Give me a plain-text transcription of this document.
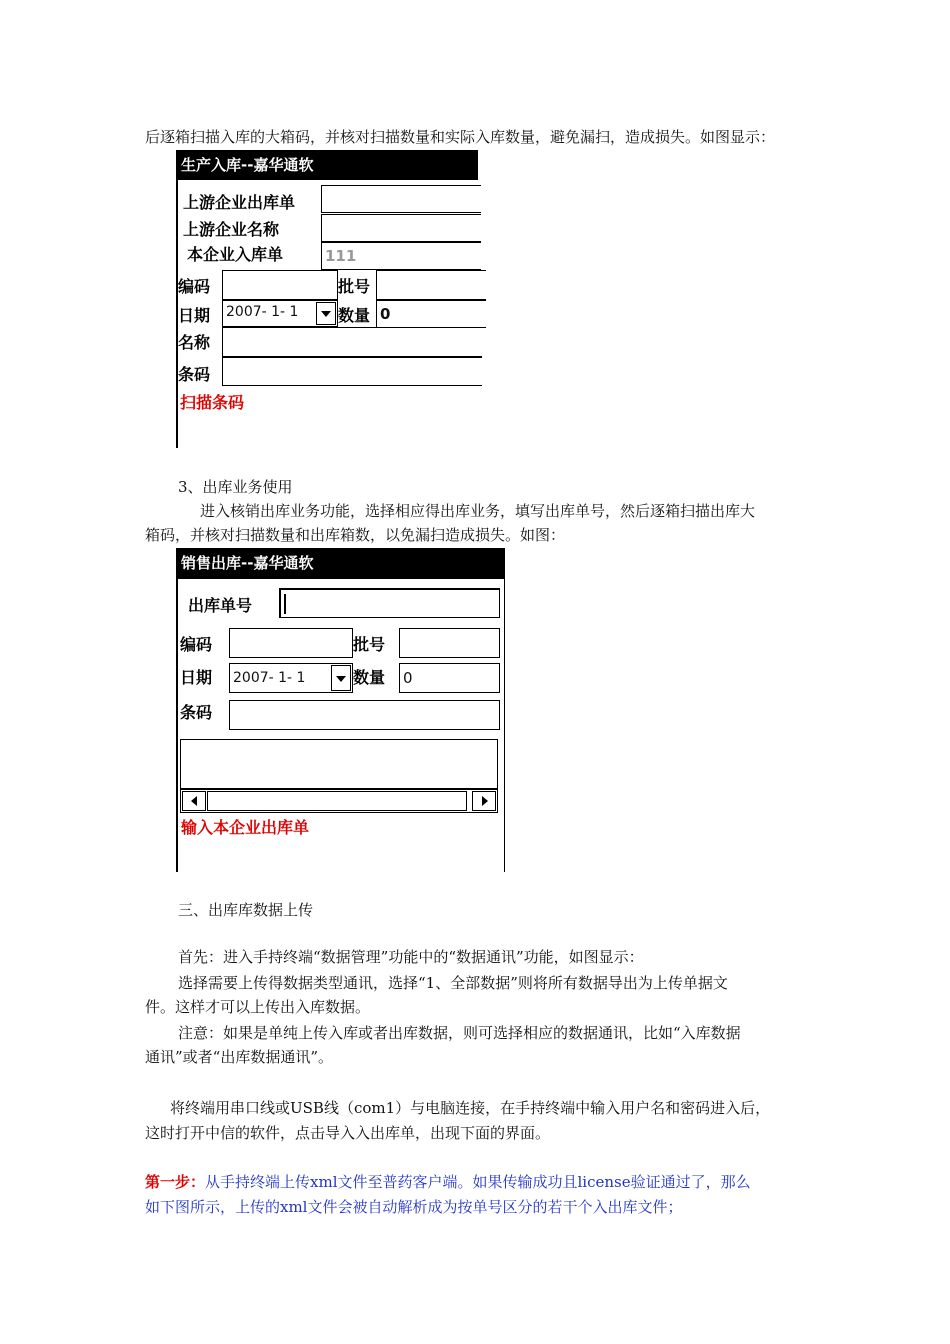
后逐箱扫描入库的大箱码，并核对扫描数量和实际入库数量，避免漏扫，造成损失。如图显示：
生产入库--嘉华通软
上游企业出库单
上游企业名称
本企业入库单	111
编码	批号
日期 2007- 1- 1 数量 0
名称
条码
扫描条码
3、出库业务使用
进入核销出库业务功能，选择相应得出库业务，填写出库单号，然后逐箱扫描出库大
箱码，并核对扫描数量和出库箱数，以免漏扫造成损失。如图：
销售出库--嘉华通软
出库单号
编码	批号
日期 2007- 1- 1	数量 0
条码
输入本企业出库单
三、出库库数据上传
首先：进入手持终端“数据管理”功能中的“数据通讯”功能，如图显示：
选择需要上传得数据类型通讯，选择“1、全部数据”则将所有数据导出为上传单据文
件。这样才可以上传出入库数据。
注意：如果是单纯上传入库或者出库数据，则可选择相应的数据通讯，比如“入库数据
通讯”或者“出库数据通讯”。
将终端用串口线或USB线（com1）与电脑连接，在手持终端中输入用户名和密码进入后，
这时打开中信的软件，点击导入入出库单，出现下面的界面。
第一步：从手持终端上传xml文件至普药客户端。如果传输成功且license验证通过了，那么
如下图所示，上传的xml文件会被自动解析成为按单号区分的若干个入出库文件；
